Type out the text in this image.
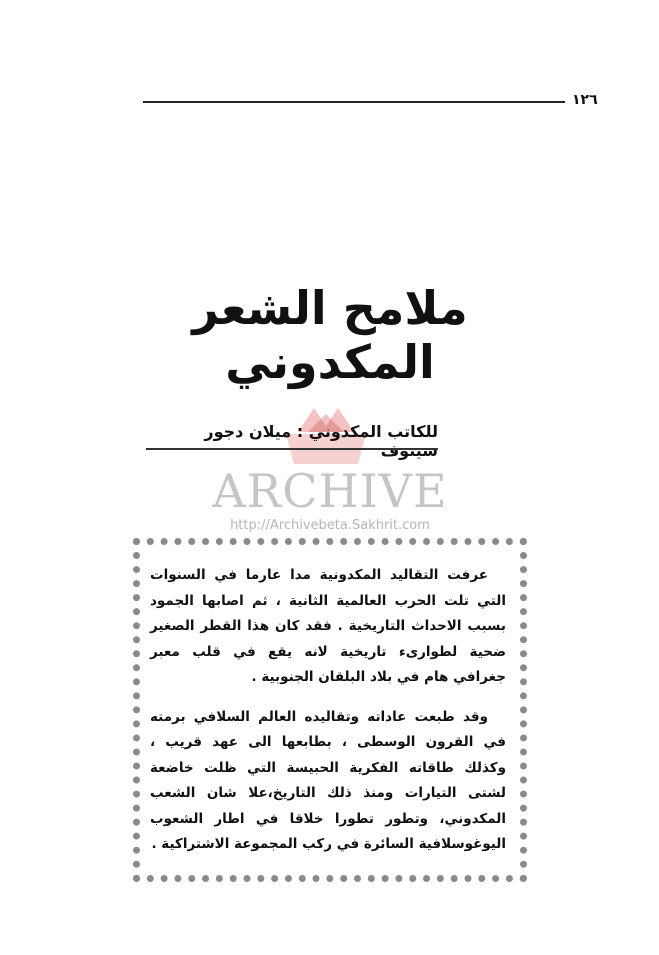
١٢٦
ملامح الشعر المكدوني
ARCHIVE
http://Archivebeta.Sakhrit.com
للكاتب المكدوني : ميلان دجور سينوف

عرفت التقاليد المكدونية مدا عارما في السنوات التي تلت الحرب العالمية الثانية ، ثم اصابها الجمود بسبب الاحداث التاريخية . فقد كان هذا القطر الصغير ضحية لطوارىء تاريخية لانه يقع في قلب معبر جغرافي هام في بلاد البلقان الجنوبية .

وقد طبعت عاداته وتقاليده العالم السلافي برمته في القرون الوسطى ، بطابعها الى عهد قريب ، وكذلك طاقاته الفكرية الحبيسة التي ظلت خاضعة لشتى التيارات ومنذ ذلك التاريخ،علا شان الشعب المكدوني، وتطور تطورا خلاقا في اطار الشعوب اليوغوسلافية السائرة في ركب المجموعة الاشتراكية .
